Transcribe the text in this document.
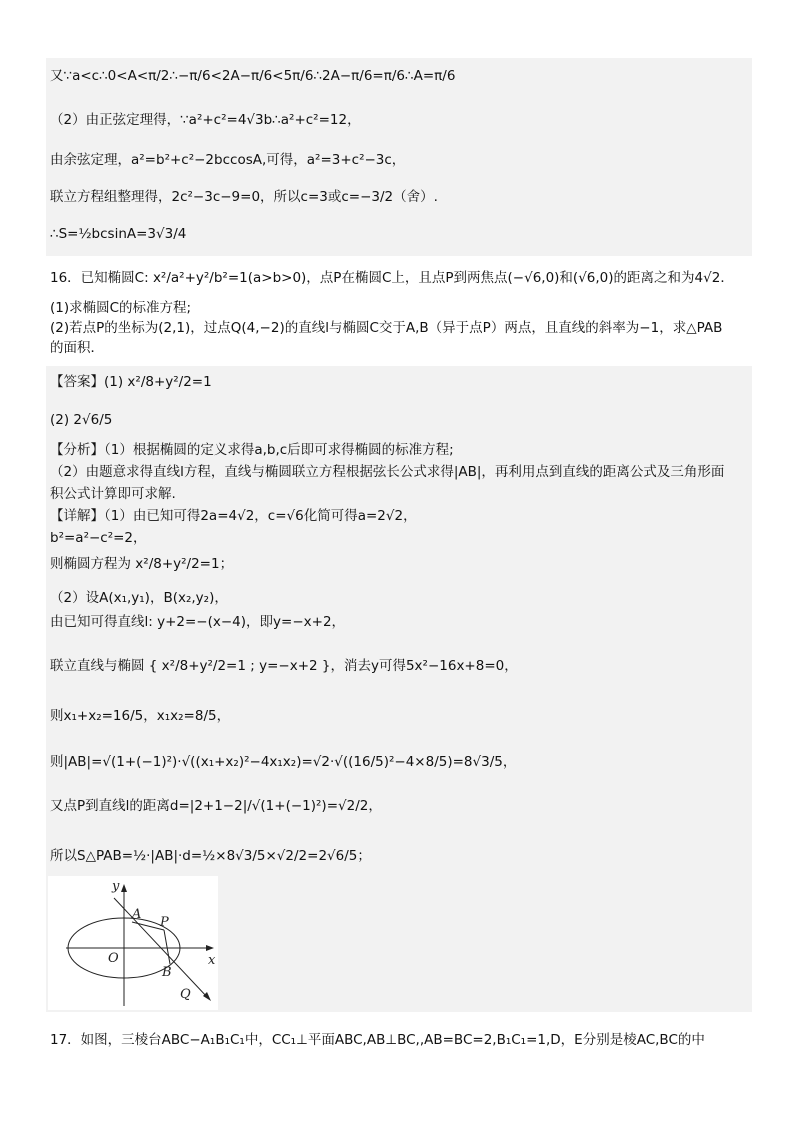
又∵a<c∴0<A<π/2∴−π/6<2A−π/6<5π/6∴2A−π/6=π/6∴A=π/6
（2）由正弦定理得，∵a²+c²=4√3b∴a²+c²=12，
由余弦定理，a²=b²+c²−2bccosA,可得，a²=3+c²−3c，
联立方程组整理得，2c²−3c−9=0，所以c=3或c=−3/2（舍）.
∴S=½bcsinA=3√3/4
16．已知椭圆C: x²/a²+y²/b²=1(a>b>0)，点P在椭圆C上，且点P到两焦点(−√6,0)和(√6,0)的距离之和为4√2．
(1)求椭圆C的标准方程;
(2)若点P的坐标为(2,1)，过点Q(4,−2)的直线l与椭圆C交于A,B（异于点P）两点，且直线的斜率为−1，求△PAB
的面积．
【答案】(1) x²/8+y²/2=1
(2) 2√6/5
【分析】（1）根据椭圆的定义求得a,b,c后即可求得椭圆的标准方程;
（2）由题意求得直线l方程，直线与椭圆联立方程根据弦长公式求得|AB|，再利用点到直线的距离公式及三角形面
积公式计算即可求解.
【详解】（1）由已知可得2a=4√2，c=√6化简可得a=2√2，
b²=a²−c²=2，
则椭圆方程为 x²/8+y²/2=1；
（2）设A(x₁,y₁)，B(x₂,y₂)，
由已知可得直线l: y+2=−(x−4)，即y=−x+2，
联立直线与椭圆 { x²/8+y²/2=1 ; y=−x+2 }，消去y可得5x²−16x+8=0，
则x₁+x₂=16/5，x₁x₂=8/5，
则|AB|=√(1+(−1)²)·√((x₁+x₂)²−4x₁x₂)=√2·√((16/5)²−4×8/5)=8√3/5，
又点P到直线l的距离d=|2+1−2|/√(1+(−1)²)=√2/2，
所以S△PAB=½·|AB|·d=½×8√3/5×√2/2=2√6/5；
y
x
O
A
P
B
Q
17．如图，三棱台ABC−A₁B₁C₁中，CC₁⊥平面ABC,AB⊥BC,,AB=BC=2,B₁C₁=1,D，E分别是棱AC,BC的中
